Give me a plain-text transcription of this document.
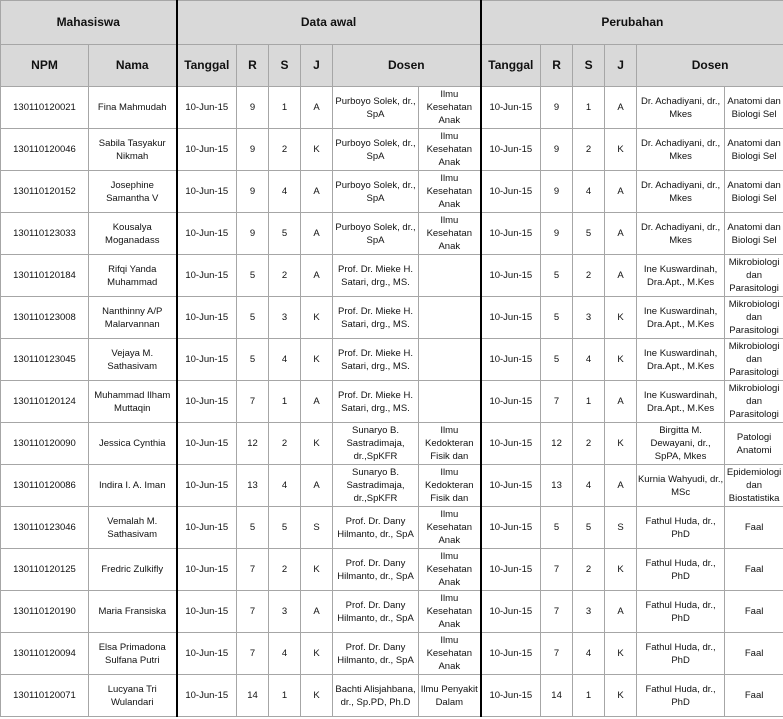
Mahasiswa		Data awal						Perubahan					
NPM	Nama	Tanggal	R	S	J	Dosen		Tanggal	R	S	J	Dosen	
130110120021	Fina Mahmudah	10-Jun-15	9	1	A	Purboyo Solek, dr., SpA	Ilmu Kesehatan Anak	10-Jun-15	9	1	A	Dr. Achadiyani, dr., Mkes	Anatomi dan Biologi Sel
130110120046	Sabila Tasyakur Nikmah	10-Jun-15	9	2	K	Purboyo Solek, dr., SpA	Ilmu Kesehatan Anak	10-Jun-15	9	2	K	Dr. Achadiyani, dr., Mkes	Anatomi dan Biologi Sel
130110120152	Josephine Samantha V	10-Jun-15	9	4	A	Purboyo Solek, dr., SpA	Ilmu Kesehatan Anak	10-Jun-15	9	4	A	Dr. Achadiyani, dr., Mkes	Anatomi dan Biologi Sel
130110123033	Kousalya Moganadass	10-Jun-15	9	5	A	Purboyo Solek, dr., SpA	Ilmu Kesehatan Anak	10-Jun-15	9	5	A	Dr. Achadiyani, dr., Mkes	Anatomi dan Biologi Sel
130110120184	Rifqi Yanda Muhammad	10-Jun-15	5	2	A	Prof. Dr. Mieke H. Satari, drg., MS.		10-Jun-15	5	2	A	Ine Kuswardinah, Dra.Apt., M.Kes	Mikrobiologi dan Parasitologi
130110123008	Nanthinny A/P Malarvannan	10-Jun-15	5	3	K	Prof. Dr. Mieke H. Satari, drg., MS.		10-Jun-15	5	3	K	Ine Kuswardinah, Dra.Apt., M.Kes	Mikrobiologi dan Parasitologi
130110123045	Vejaya M. Sathasivam	10-Jun-15	5	4	K	Prof. Dr. Mieke H. Satari, drg., MS.		10-Jun-15	5	4	K	Ine Kuswardinah, Dra.Apt., M.Kes	Mikrobiologi dan Parasitologi
130110120124	Muhammad Ilham Muttaqin	10-Jun-15	7	1	A	Prof. Dr. Mieke H. Satari, drg., MS.		10-Jun-15	7	1	A	Ine Kuswardinah, Dra.Apt., M.Kes	Mikrobiologi dan Parasitologi
130110120090	Jessica Cynthia	10-Jun-15	12	2	K	Sunaryo B. Sastradimaja, dr.,SpKFR	Ilmu Kedokteran Fisik dan	10-Jun-15	12	2	K	Birgitta M. Dewayani, dr., SpPA, Mkes	Patologi Anatomi
130110120086	Indira I. A. Iman	10-Jun-15	13	4	A	Sunaryo B. Sastradimaja, dr.,SpKFR	Ilmu Kedokteran Fisik dan	10-Jun-15	13	4	A	Kurnia Wahyudi, dr., MSc	Epidemiologi dan Biostatistika
130110123046	Vemalah M. Sathasivam	10-Jun-15	5	5	S	Prof. Dr. Dany Hilmanto, dr., SpA	Ilmu Kesehatan Anak	10-Jun-15	5	5	S	Fathul Huda, dr., PhD	Faal
130110120125	Fredric Zulkifly	10-Jun-15	7	2	K	Prof. Dr. Dany Hilmanto, dr., SpA	Ilmu Kesehatan Anak	10-Jun-15	7	2	K	Fathul Huda, dr., PhD	Faal
130110120190	Maria Fransiska	10-Jun-15	7	3	A	Prof. Dr. Dany Hilmanto, dr., SpA	Ilmu Kesehatan Anak	10-Jun-15	7	3	A	Fathul Huda, dr., PhD	Faal
130110120094	Elsa Primadona Sulfana Putri	10-Jun-15	7	4	K	Prof. Dr. Dany Hilmanto, dr., SpA	Ilmu Kesehatan Anak	10-Jun-15	7	4	K	Fathul Huda, dr., PhD	Faal
130110120071	Lucyana Tri Wulandari	10-Jun-15	14	1	K	Bachti Alisjahbana, dr., Sp.PD, Ph.D	Ilmu Penyakit Dalam	10-Jun-15	14	1	K	Fathul Huda, dr., PhD	Faal
